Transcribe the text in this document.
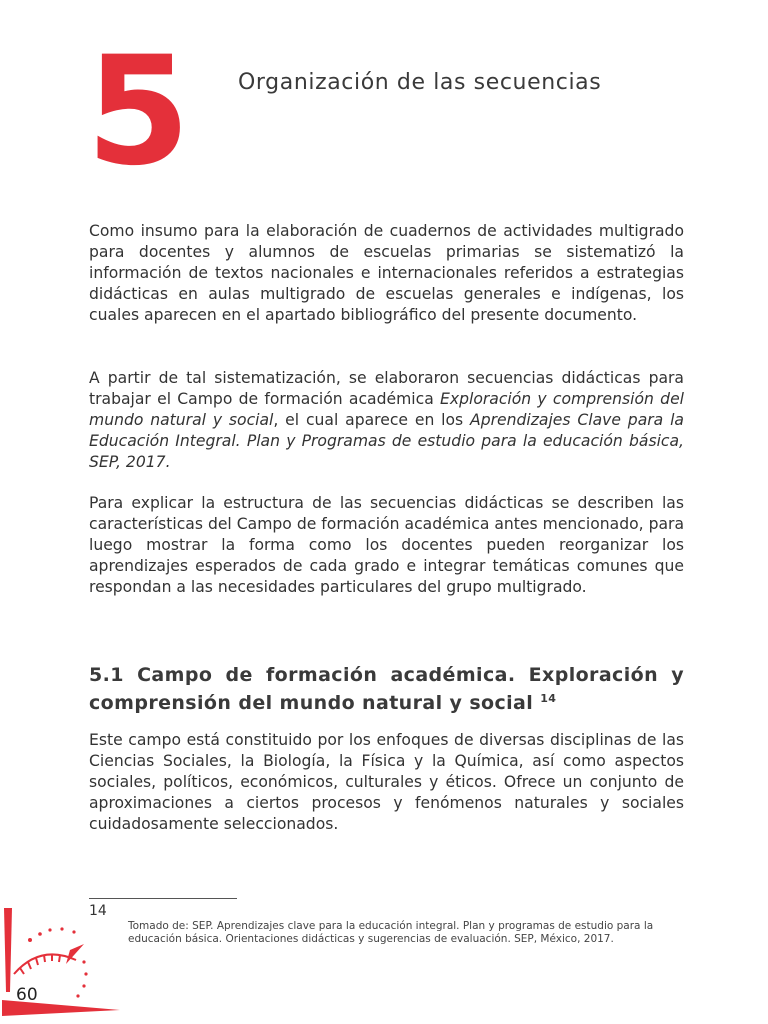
5	Organización de las secuencias

Como insumo para la elaboración de cuadernos de actividades multigrado para docentes y alumnos de escuelas primarias se sistematizó la información de textos nacionales e internacionales referidos a estrategias didácticas en aulas multigrado de escuelas generales e indígenas, los cuales aparecen en el apartado bibliográfico del presente documento.

A partir de tal sistematización, se elaboraron secuencias didácticas para trabajar el Campo de formación académica Exploración y comprensión del mundo natural y social, el cual aparece en los Aprendizajes Clave para la Educación Integral. Plan y Programas de estudio para la educación básica, SEP, 2017.

Para explicar la estructura de las secuencias didácticas se describen las características del Campo de formación académica antes mencionado, para luego mostrar la forma como los docentes pueden reorganizar los aprendizajes esperados de cada grado e integrar temáticas comunes que respondan a las necesidades particulares del grupo multigrado.

5.1 Campo de formación académica. Exploración y comprensión del mundo natural y social $^{14}$

Este campo está constituido por los enfoques de diversas disciplinas de las Ciencias Sociales, la Biología, la Física y la Química, así como aspectos sociales, políticos, económicos, culturales y éticos. Ofrece un conjunto de aproximaciones a ciertos procesos y fenómenos naturales y sociales cuidadosamente seleccionados.

14

Tomado de: SEP. Aprendizajes clave para la educación integral. Plan y programas de estudio para la educación básica. Orientaciones didácticas y sugerencias de evaluación. SEP, México, 2017.

60
